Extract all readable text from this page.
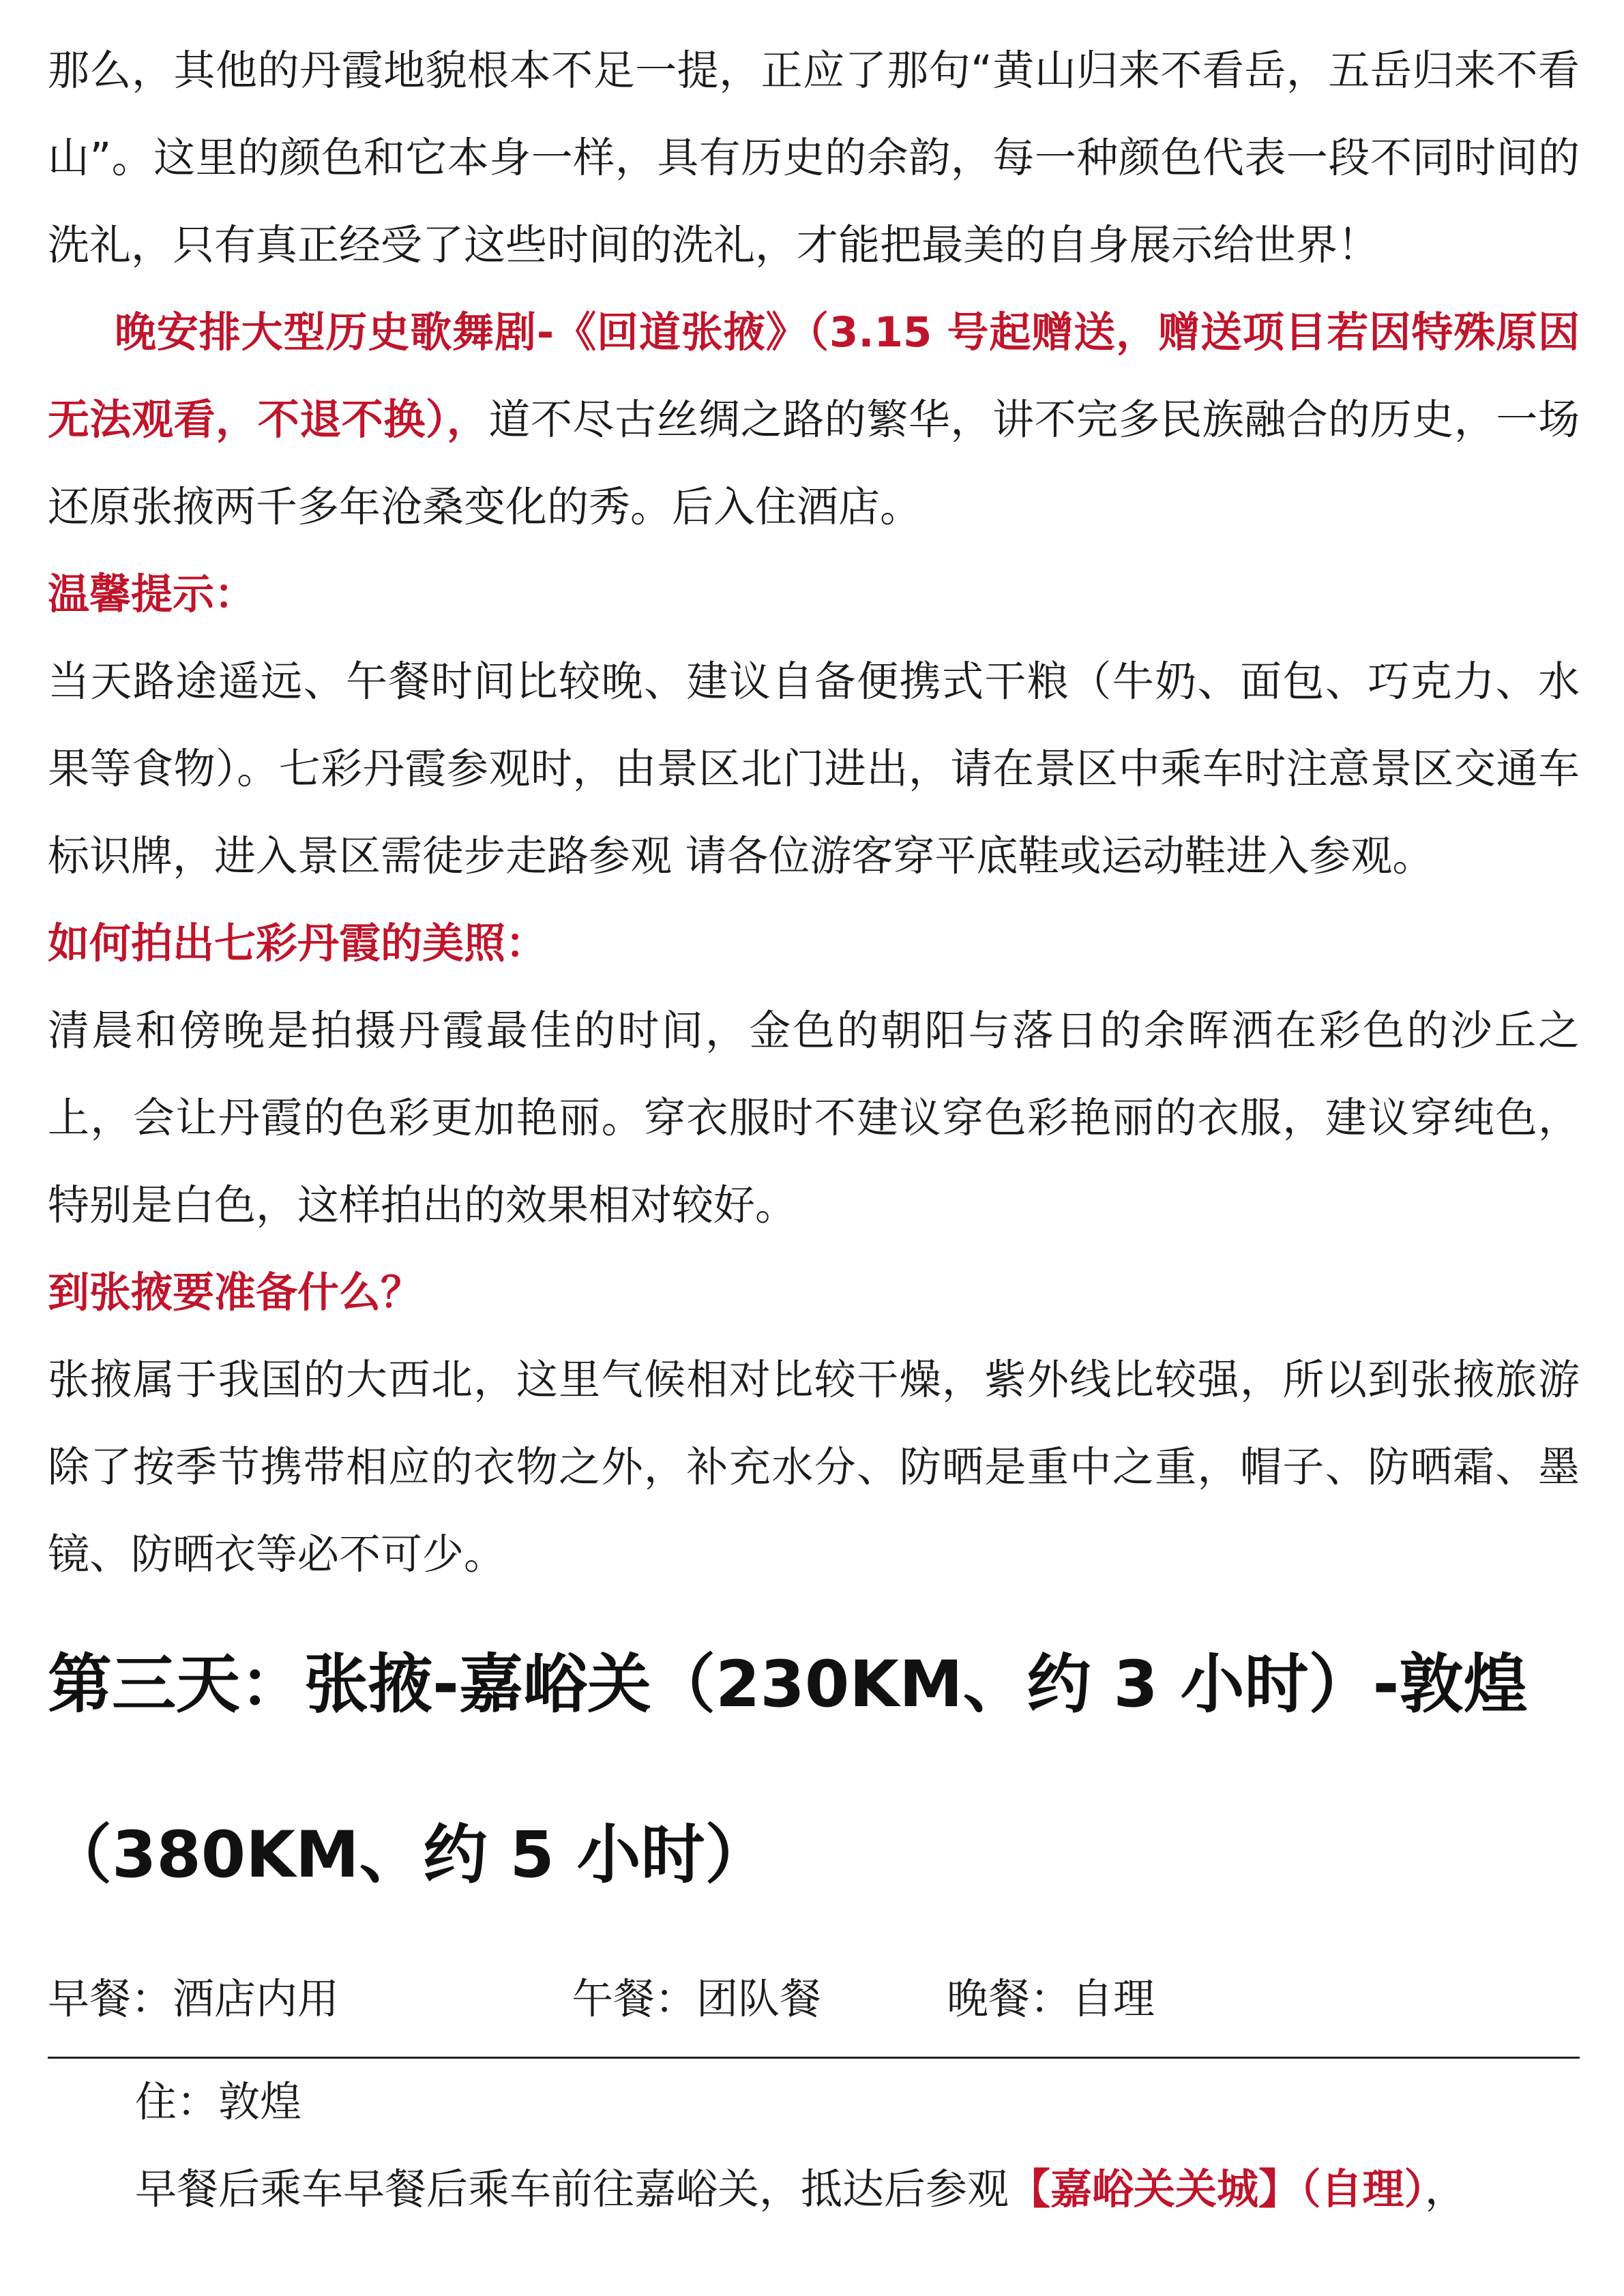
那么，其他的丹霞地貌根本不足一提，正应了那句“黄山归来不看岳，五岳归来不看山”。这里的颜色和它本身一样，具有历史的余韵，每一种颜色代表一段不同时间的洗礼，只有真正经受了这些时间的洗礼，才能把最美的自身展示给世界！

晚安排大型历史歌舞剧-《回道张掖》（3.15 号起赠送，赠送项目若因特殊原因无法观看，不退不换），道不尽古丝绸之路的繁华，讲不完多民族融合的历史，一场还原张掖两千多年沧桑变化的秀。后入住酒店。

温馨提示：

当天路途遥远、午餐时间比较晚、建议自备便携式干粮（牛奶、面包、巧克力、水果等食物）。七彩丹霞参观时，由景区北门进出，请在景区中乘车时注意景区交通车标识牌，进入景区需徒步走路参观 请各位游客穿平底鞋或运动鞋进入参观。

如何拍出七彩丹霞的美照：

清晨和傍晚是拍摄丹霞最佳的时间，金色的朝阳与落日的余晖洒在彩色的沙丘之上，会让丹霞的色彩更加艳丽。穿衣服时不建议穿色彩艳丽的衣服，建议穿纯色，特别是白色，这样拍出的效果相对较好。

到张掖要准备什么？

张掖属于我国的大西北，这里气候相对比较干燥，紫外线比较强，所以到张掖旅游除了按季节携带相应的衣物之外，补充水分、防晒是重中之重，帽子、防晒霜、墨镜、防晒衣等必不可少。

第三天：张掖-嘉峪关（230KM、约 3 小时）-敦煌
（380KM、约 5 小时）
早餐：酒店内用	午餐：团队餐	晚餐：自理
住：敦煌
早餐后乘车早餐后乘车前往嘉峪关，抵达后参观【嘉峪关关城】（自理），
